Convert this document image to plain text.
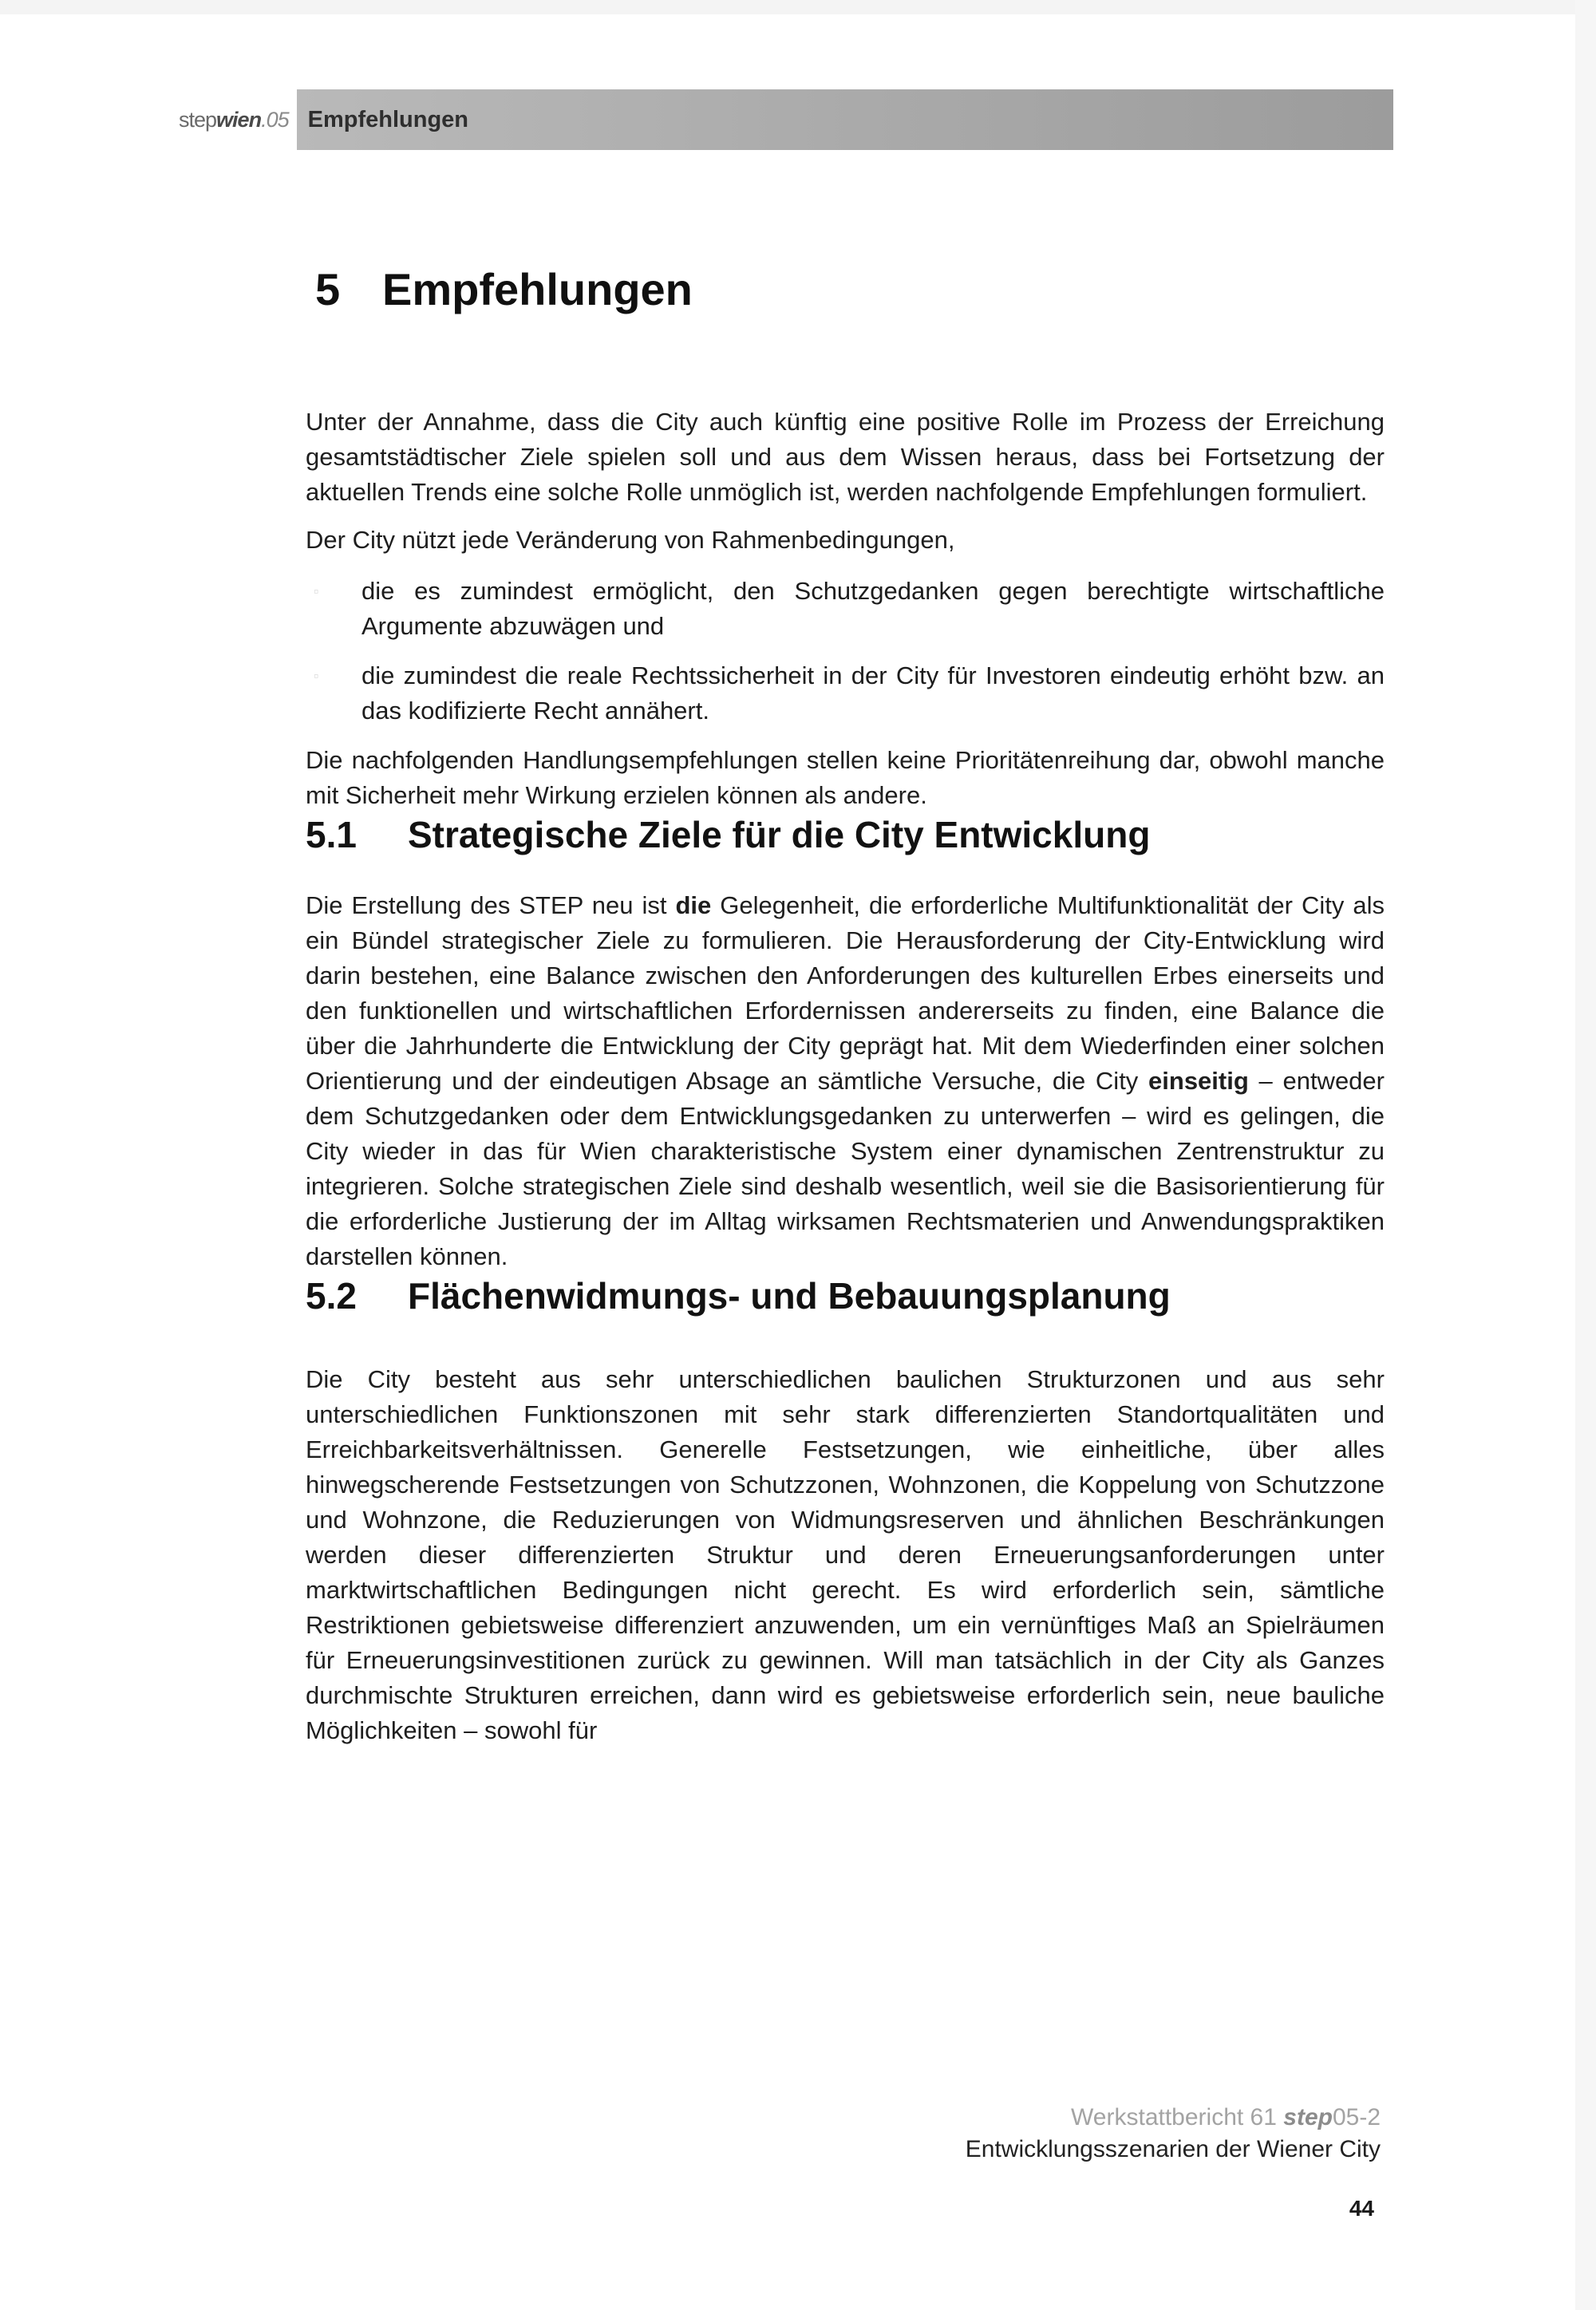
step wien .05 Empfehlungen
5 Empfehlungen

Unter der Annahme, dass die City auch künftig eine positive Rolle im Prozess der Erreichung gesamtstädtischer Ziele spielen soll und aus dem Wissen heraus, dass bei Fortsetzung der aktuellen Trends eine solche Rolle unmöglich ist, werden nachfolgende Empfehlungen formuliert.

Der City nützt jede Veränderung von Rahmenbedingungen,

▫ die es zumindest ermöglicht, den Schutzgedanken gegen berechtigte wirtschaftliche Argumente abzuwägen und
▫ die zumindest die reale Rechtssicherheit in der City für Investoren eindeutig erhöht bzw. an das kodifizierte Recht annähert.

Die nachfolgenden Handlungsempfehlungen stellen keine Prioritätenreihung dar, obwohl manche mit Sicherheit mehr Wirkung erzielen können als andere.

5.1	Strategische Ziele für die City Entwicklung

Die Erstellung des STEP neu ist die Gelegenheit, die erforderliche Multifunktionalität der City als ein Bündel strategischer Ziele zu formulieren. Die Herausforderung der City-Entwicklung wird darin bestehen, eine Balance zwischen den Anforderungen des kulturellen Erbes einerseits und den funktionellen und wirtschaftlichen Erfordernissen andererseits zu finden, eine Balance die über die Jahrhunderte die Entwicklung der City geprägt hat. Mit dem Wiederfinden einer solchen Orientierung und der eindeutigen Absage an sämtliche Versuche, die City einseitig – entweder dem Schutzgedanken oder dem Entwicklungsgedanken zu unterwerfen – wird es gelingen, die City wieder in das für Wien charakteristische System einer dynamischen Zentrenstruktur zu integrieren. Solche strategischen Ziele sind deshalb wesentlich, weil sie die Basisorientierung für die erforderliche Justierung der im Alltag wirksamen Rechtsmaterien und Anwendungspraktiken darstellen können.

5.2	Flächenwidmungs- und Bebauungsplanung

Die City besteht aus sehr unterschiedlichen baulichen Strukturzonen und aus sehr unterschiedlichen Funktionszonen mit sehr stark differenzierten Standortqualitäten und Erreichbarkeitsverhältnissen. Generelle Festsetzungen, wie einheitliche, über alles hinwegscherende Festsetzungen von Schutzzonen, Wohnzonen, die Koppelung von Schutzzone und Wohnzone, die Reduzierungen von Widmungsreserven und ähnlichen Beschränkungen werden dieser differenzierten Struktur und deren Erneuerungsanforderungen unter marktwirtschaftlichen Bedingungen nicht gerecht. Es wird erforderlich sein, sämtliche Restriktionen gebietsweise differenziert anzuwenden, um ein vernünftiges Maß an Spielräumen für Erneuerungsinvestitionen zurück zu gewinnen. Will man tatsächlich in der City als Ganzes durchmischte Strukturen erreichen, dann wird es gebietsweise erforderlich sein, neue bauliche Möglichkeiten – sowohl für

Werkstattbericht 61 step05-2
Entwicklungsszenarien der Wiener City
44
